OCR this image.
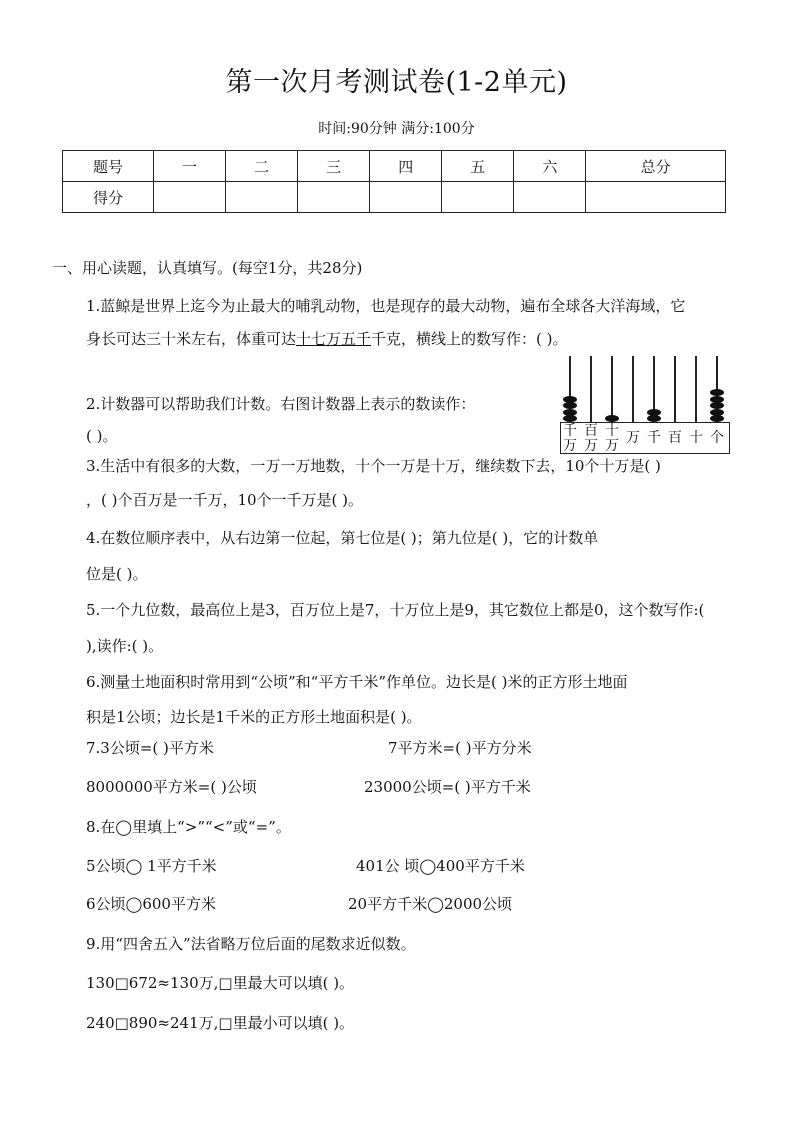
第一次月考测试卷(1-2单元)
时间:90分钟 满分:100分
题号	一	二	三	四	五	六	总分
得分							
一、用心读题，认真填写。(每空1分，共28分)
1.蓝鲸是世界上迄今为止最大的哺乳动物，也是现存的最大动物，遍布全球各大洋海域，它
身长可达三十米左右，体重可达十七万五千千克，横线上的数写作：( )。
2.计数器可以帮助我们计数。右图计数器上表示的数读作：
( )。	千
万
百
万
十
万 万 千 百 十 个
3.生活中有很多的大数，一万一万地数，十个一万是十万，继续数下去，10个十万是( )
，( )个百万是一千万，10个一千万是( )。
4.在数位顺序表中，从右边第一位起，第七位是( )；第九位是( )，它的计数单
位是( )。
5.一个九位数，最高位上是3，百万位上是7，十万位上是9，其它数位上都是0，这个数写作:(
),读作:( )。
6.测量土地面积时常用到“公顷”和“平方千米”作单位。边长是( )米的正方形土地面
积是1公顷；边长是1千米的正方形土地面积是( )。
7.3公顷=( )平方米	7平方米=( )平方分米
8000000平方米=( )公顷	23000公顷=( )平方千米
8.在◯里填上“>”“<”或“=”。
5公顷◯ 1平方千米	401公 顷◯400平方千米
6公顷◯600平方米	20平方千米◯2000公顷
9.用“四舍五入”法省略万位后面的尾数求近似数。
130□672≈130万,□里最大可以填( )。
240□890≈241万,□里最小可以填( )。
